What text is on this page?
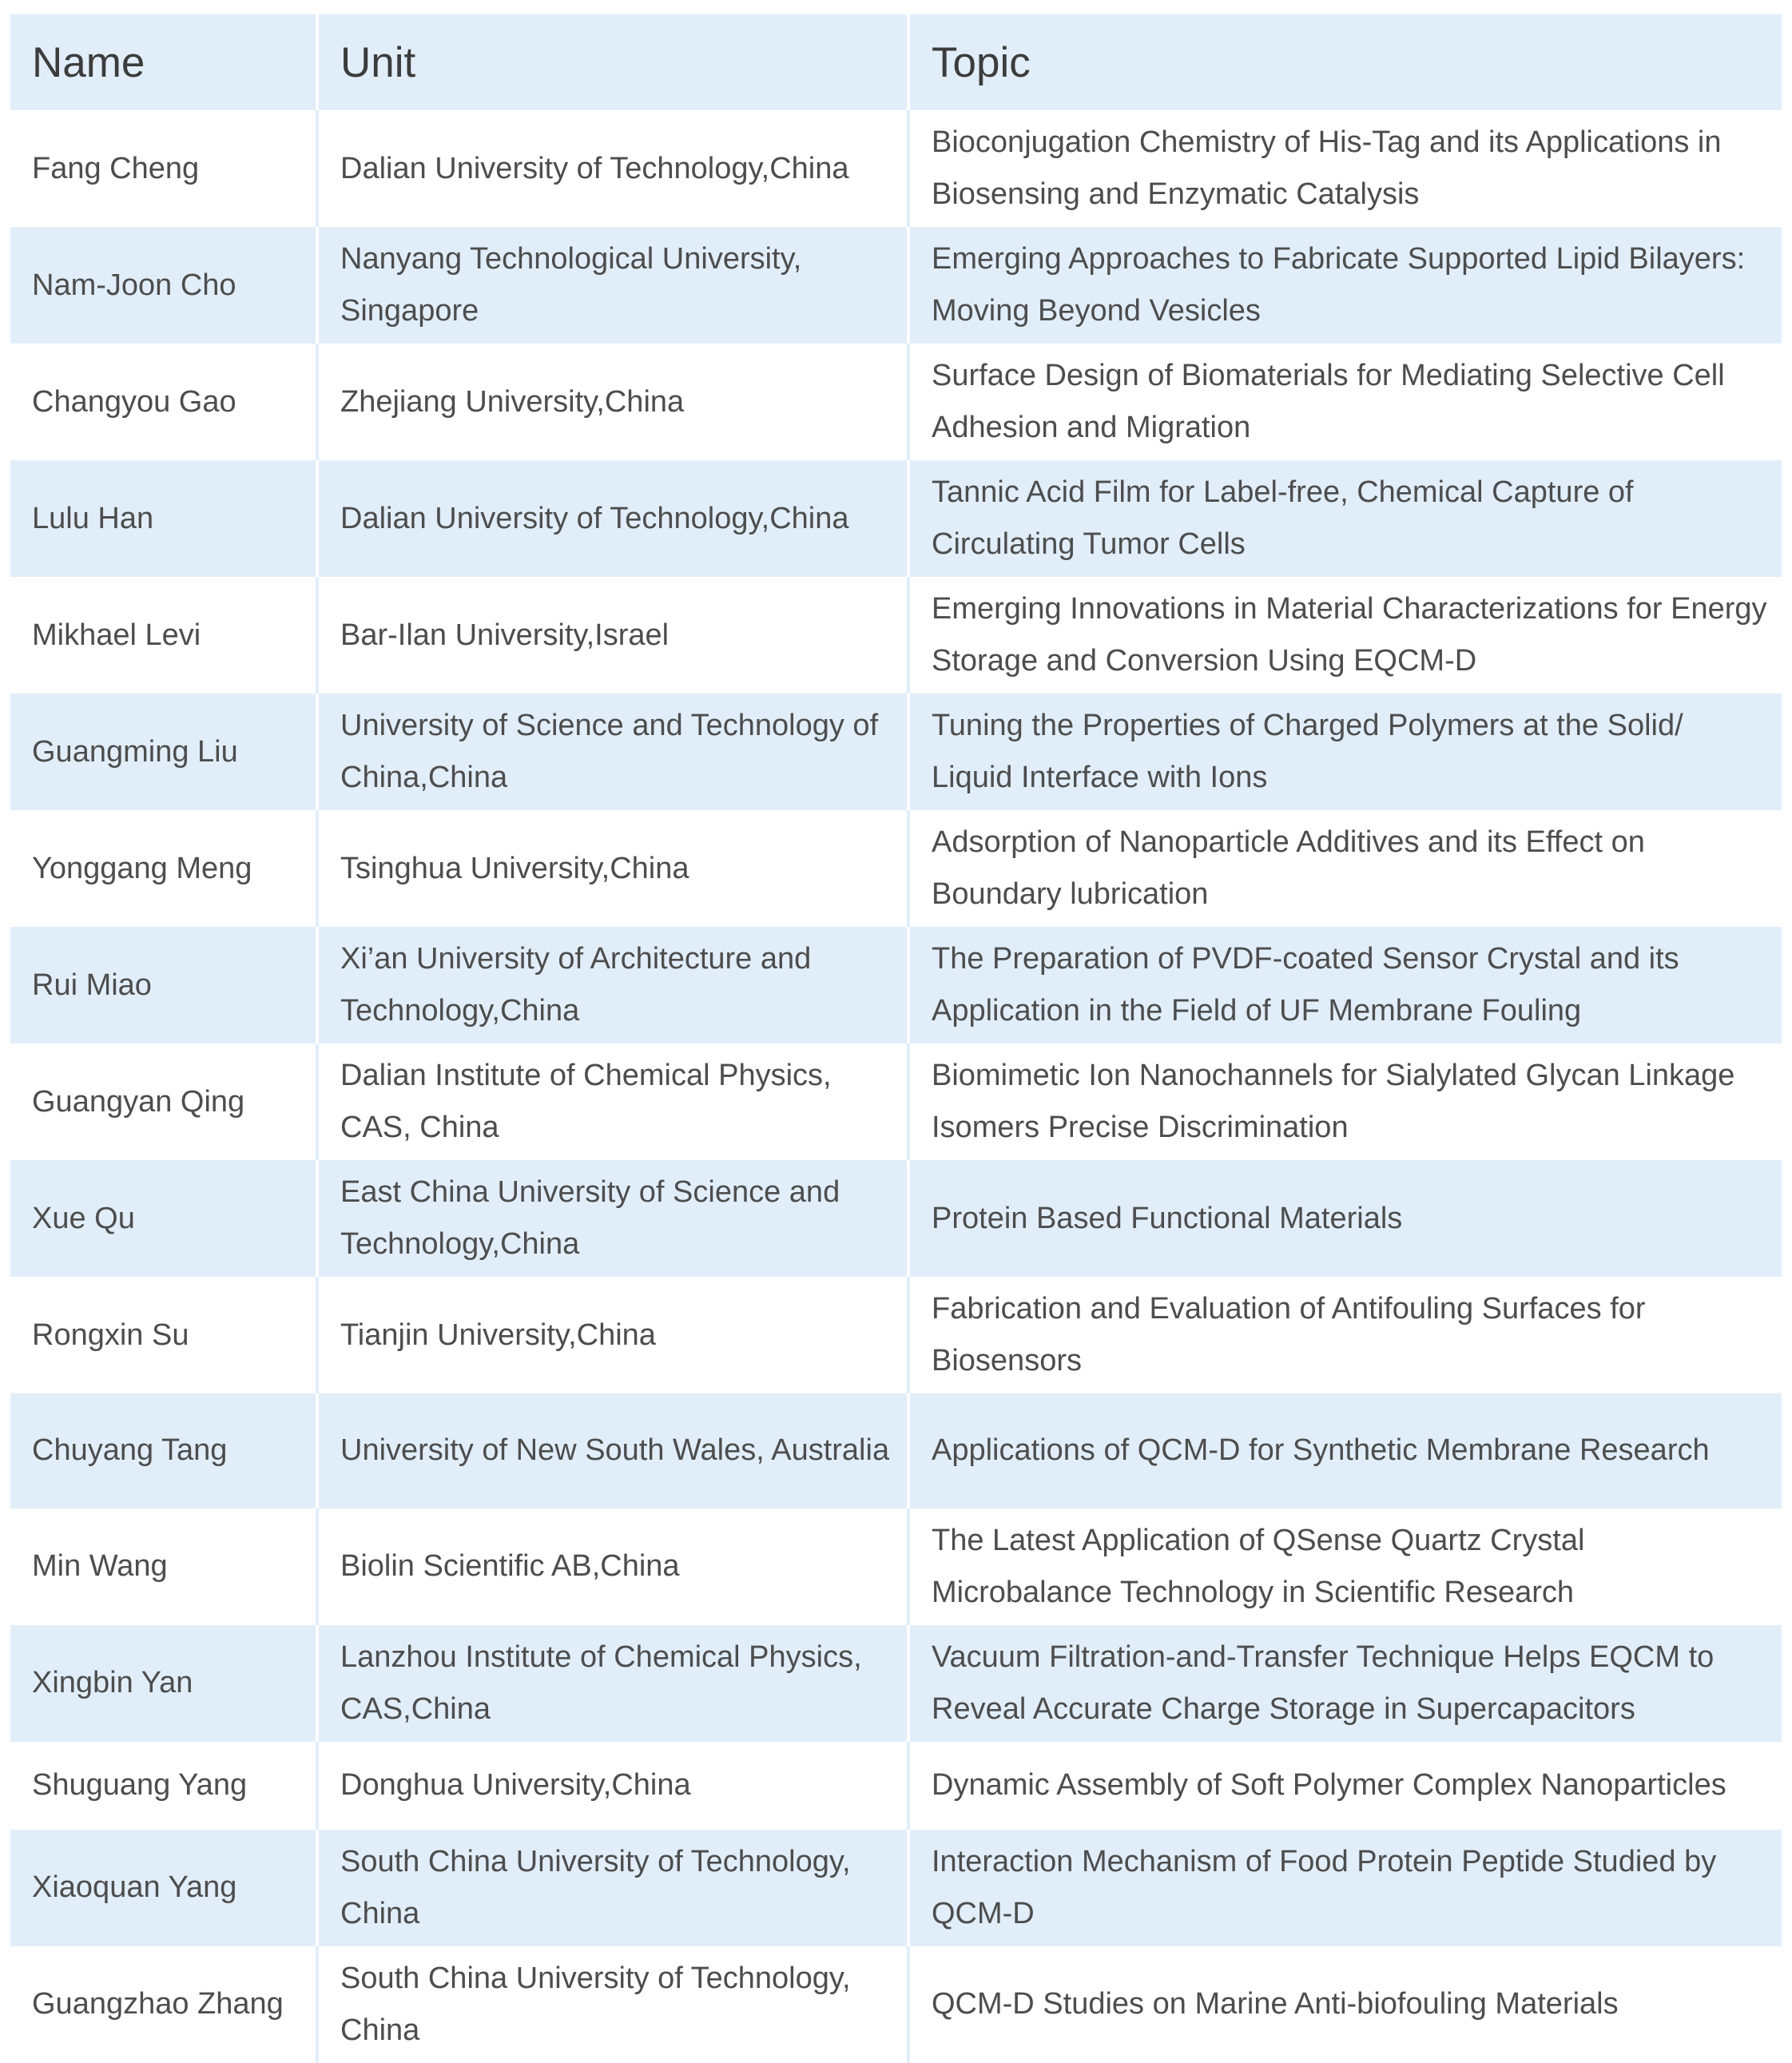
Name	Unit	Topic
Fang Cheng	Dalian University of Technology,China	Bioconjugation Chemistry of His-Tag and its Applications in Biosensing and Enzymatic Catalysis
Nam-Joon Cho	Nanyang Technological University, Singapore	Emerging Approaches to Fabricate Supported Lipid Bilayers: Moving Beyond Vesicles
Changyou Gao	Zhejiang University,China	Surface Design of Biomaterials for Mediating Selective Cell Adhesion and Migration
Lulu Han	Dalian University of Technology,China	Tannic Acid Film for Label-free, Chemical Capture of Circulating Tumor Cells
Mikhael Levi	Bar-Ilan University,Israel	Emerging Innovations in Material Characterizations for Energy Storage and Conversion Using EQCM-D
Guangming Liu	University of Science and Technology of China,China	Tuning the Properties of Charged Polymers at the Solid/ Liquid Interface with Ions
Yonggang Meng	Tsinghua University,China	Adsorption of Nanoparticle Additives and its Effect on Boundary lubrication
Rui Miao	Xi’an University of Architecture and Technology,China	The Preparation of PVDF-coated Sensor Crystal and its Application in the Field of UF Membrane Fouling
Guangyan Qing	Dalian Institute of Chemical Physics, CAS, China	Biomimetic Ion Nanochannels for Sialylated Glycan Linkage Isomers Precise Discrimination
Xue Qu	East China University of Science and Technology,China	Protein Based Functional Materials
Rongxin Su	Tianjin University,China	Fabrication and Evaluation of Antifouling Surfaces for Biosensors
Chuyang Tang	University of New South Wales, Australia	Applications of QCM-D for Synthetic Membrane Research
Min Wang	Biolin Scientific AB,China	The Latest Application of QSense Quartz Crystal Microbalance Technology in Scientific Research
Xingbin Yan	Lanzhou Institute of Chemical Physics, CAS,China	Vacuum Filtration-and-Transfer Technique Helps EQCM to Reveal Accurate Charge Storage in Supercapacitors
Shuguang Yang	Donghua University,China	Dynamic Assembly of Soft Polymer Complex Nanoparticles
Xiaoquan Yang	South China University of Technology, China	Interaction Mechanism of Food Protein Peptide Studied by QCM-D
Guangzhao Zhang	South China University of Technology, China	QCM-D Studies on Marine Anti-biofouling Materials
